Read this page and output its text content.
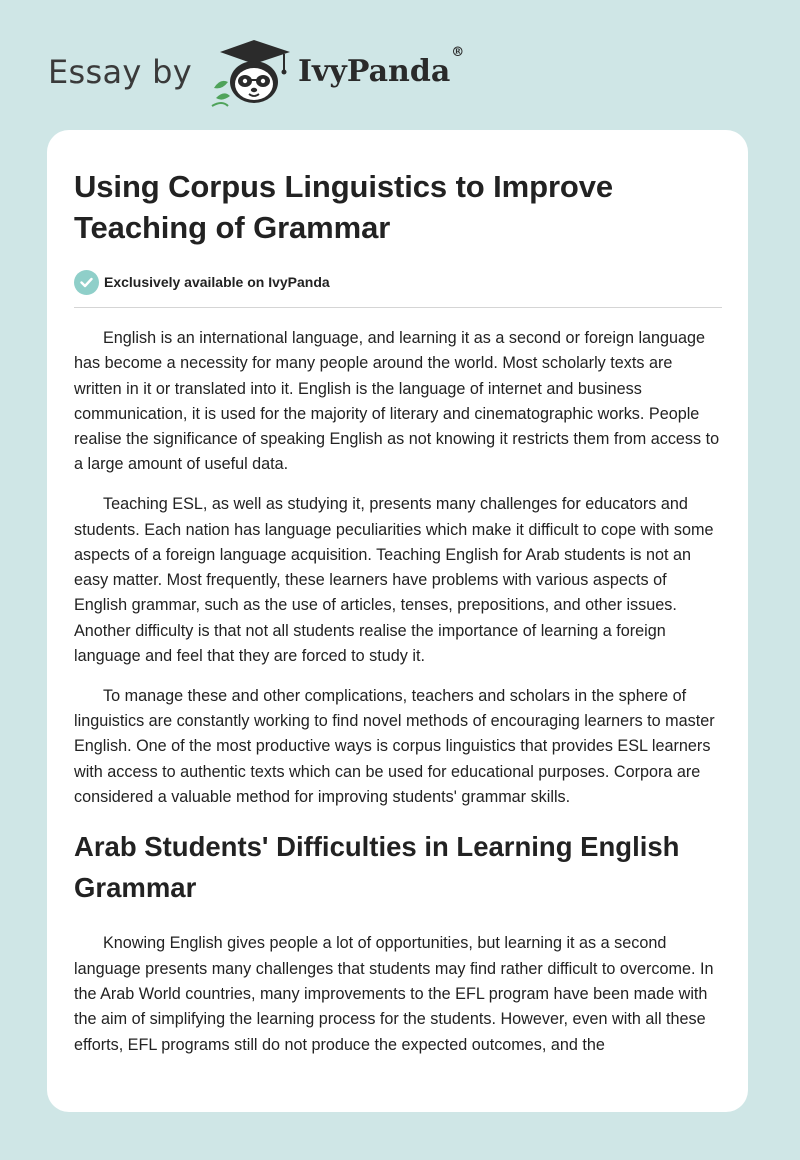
Essay by	IvyPanda®
Using Corpus Linguistics to Improve Teaching of Grammar
Exclusively available on IvyPanda

English is an international language, and learning it as a second or foreign language has become a necessity for many people around the world. Most scholarly texts are written in it or translated into it. English is the language of internet and business communication, it is used for the majority of literary and cinematographic works. People realise the significance of speaking English as not knowing it restricts them from access to a large amount of useful data.

Teaching ESL, as well as studying it, presents many challenges for educators and students. Each nation has language peculiarities which make it difficult to cope with some aspects of a foreign language acquisition. Teaching English for Arab students is not an easy matter. Most frequently, these learners have problems with various aspects of English grammar, such as the use of articles, tenses, prepositions, and other issues. Another difficulty is that not all students realise the importance of learning a foreign language and feel that they are forced to study it.

To manage these and other complications, teachers and scholars in the sphere of linguistics are constantly working to find novel methods of encouraging learners to master English. One of the most productive ways is corpus linguistics that provides ESL learners with access to authentic texts which can be used for educational purposes. Corpora are considered a valuable method for improving students' grammar skills.

Arab Students' Difficulties in Learning English Grammar

Knowing English gives people a lot of opportunities, but learning it as a second language presents many challenges that students may find rather difficult to overcome. In the Arab World countries, many improvements to the EFL program have been made with the aim of simplifying the learning process for the students. However, even with all these efforts, EFL programs still do not produce the expected outcomes, and the
